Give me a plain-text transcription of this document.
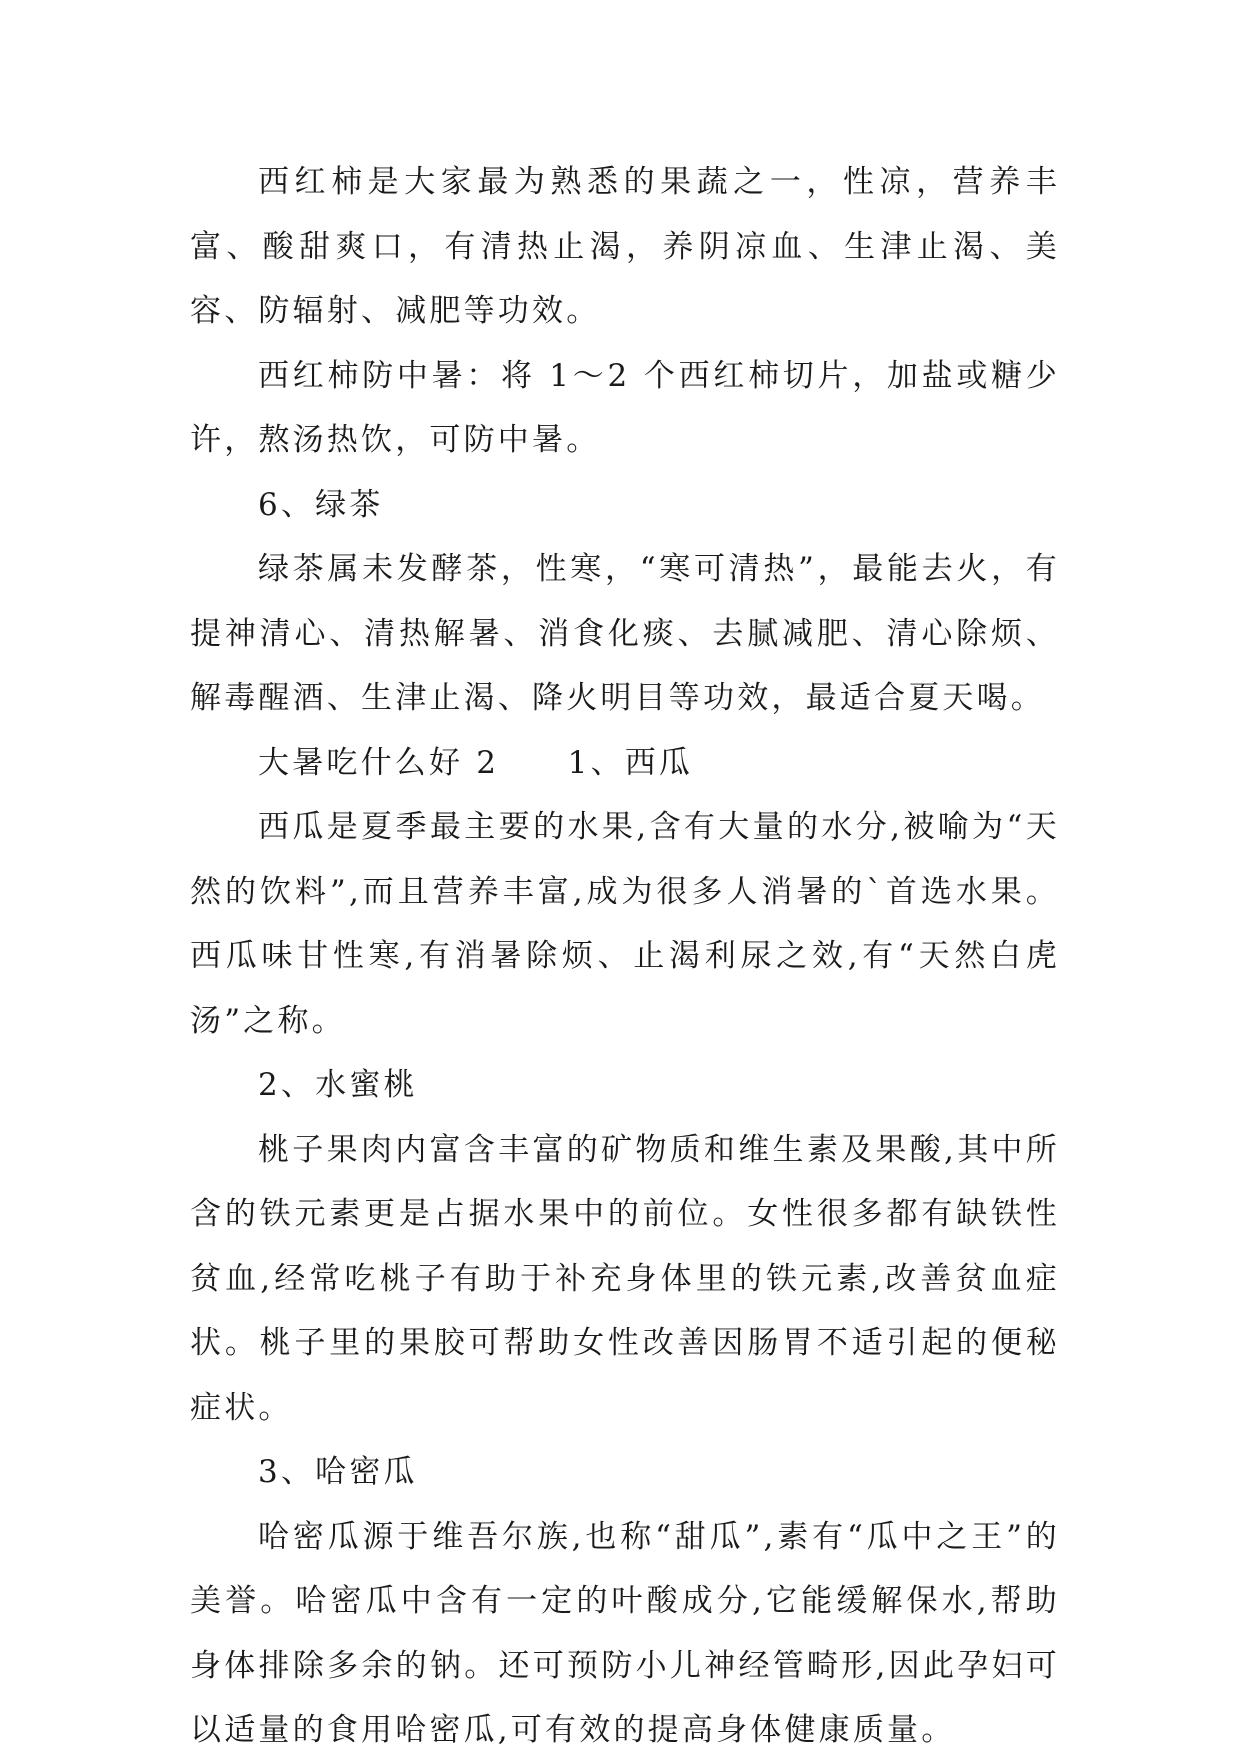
西红柿是大家最为熟悉的果蔬之一，性凉，营养丰富、酸甜爽口，有清热止渴，养阴凉血、生津止渴、美容、防辐射、减肥等功效。

西红柿防中暑：将 1～2 个西红柿切片，加盐或糖少许，熬汤热饮，可防中暑。

6、绿茶

绿茶属未发酵茶，性寒，“寒可清热”，最能去火，有提神清心、清热解暑、消食化痰、去腻减肥、清心除烦、解毒醒酒、生津止渴、降火明目等功效，最适合夏天喝。

大暑吃什么好 2　　1、西瓜

西瓜是夏季最主要的水果,含有大量的水分,被喻为“天然的饮料”,而且营养丰富,成为很多人消暑的`首选水果。西瓜味甘性寒,有消暑除烦、止渴利尿之效,有“天然白虎汤”之称。

2、水蜜桃

桃子果肉内富含丰富的矿物质和维生素及果酸,其中所含的铁元素更是占据水果中的前位。女性很多都有缺铁性贫血,经常吃桃子有助于补充身体里的铁元素,改善贫血症状。桃子里的果胶可帮助女性改善因肠胃不适引起的便秘症状。

3、哈密瓜

哈密瓜源于维吾尔族,也称“甜瓜”,素有“瓜中之王”的美誉。哈密瓜中含有一定的叶酸成分,它能缓解保水,帮助身体排除多余的钠。还可预防小儿神经管畸形,因此孕妇可以适量的食用哈密瓜,可有效的提高身体健康质量。
